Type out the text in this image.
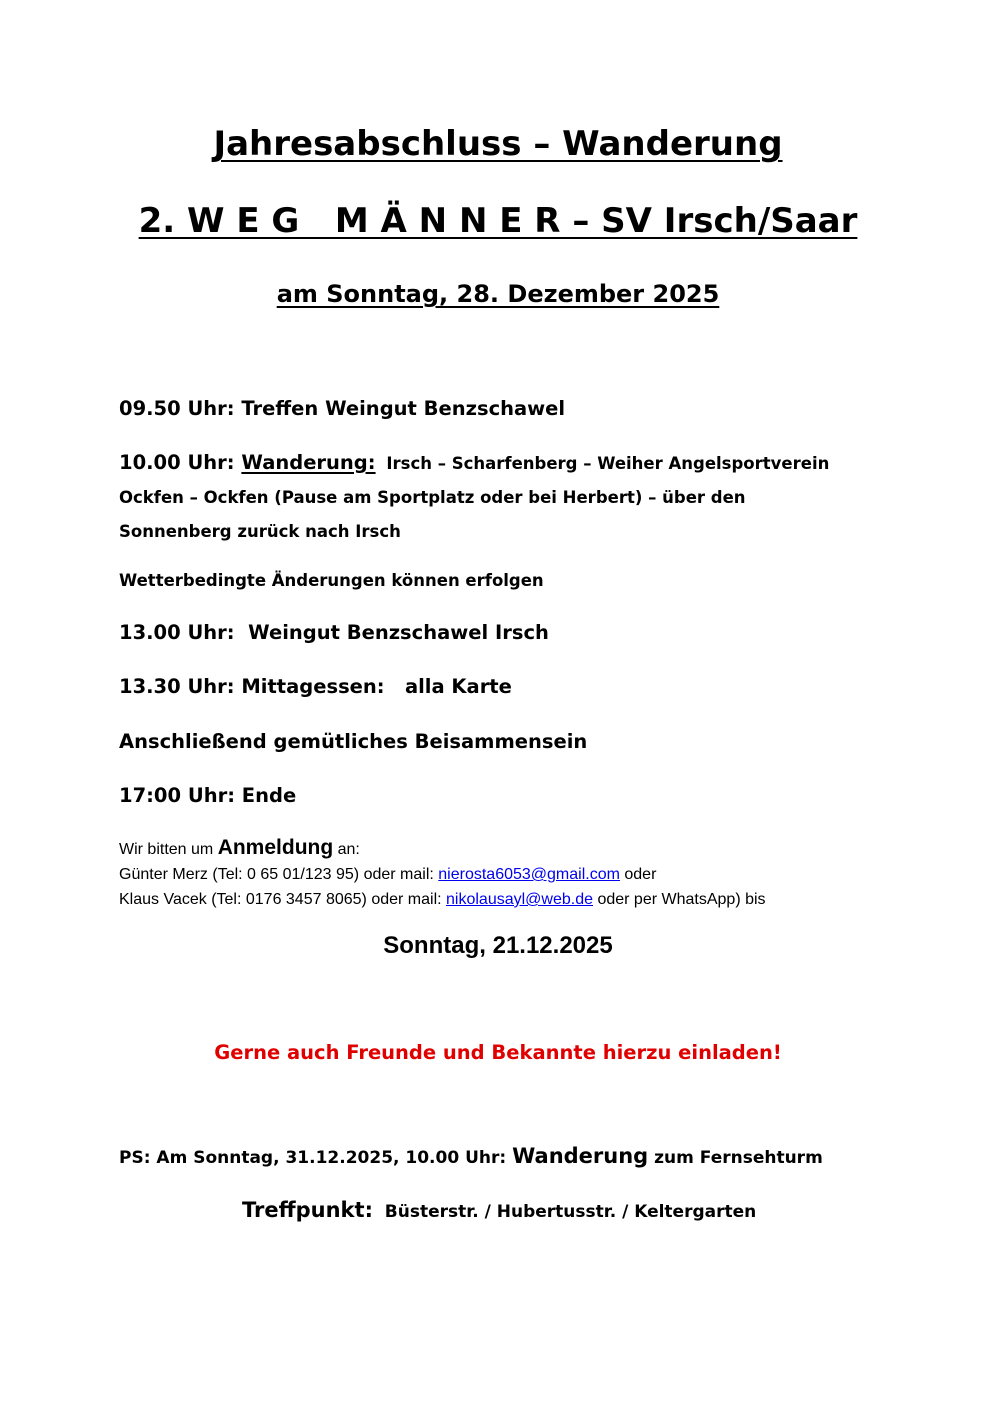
Jahresabschluss – Wanderung
2. W E G   M Ä N N E R – SV Irsch/Saar
am Sonntag, 28. Dezember 2025
09.50 Uhr: Treffen Weingut Benzschawel
10.00 Uhr: Wanderung: Irsch – Scharfenberg – Weiher Angelsportverein
Ockfen – Ockfen (Pause am Sportplatz oder bei Herbert) – über den
Sonnenberg zurück nach Irsch
Wetterbedingte Änderungen können erfolgen
13.00 Uhr:  Weingut Benzschawel Irsch
13.30 Uhr: Mittagessen:   alla Karte
Anschließend gemütliches Beisammensein
17:00 Uhr: Ende
Wir bitten um Anmeldung an:
Günter Merz (Tel: 0 65 01/123 95) oder mail: nierosta6053@gmail.com oder
Klaus Vacek (Tel: 0176 3457 8065) oder mail: nikolausayl@web.de oder per WhatsApp) bis
Sonntag, 21.12.2025
Gerne auch Freunde und Bekannte hierzu einladen!
PS: Am Sonntag, 31.12.2025, 10.00 Uhr: Wanderung zum Fernsehturm
Treffpunkt:  Büsterstr. / Hubertusstr. / Keltergarten
